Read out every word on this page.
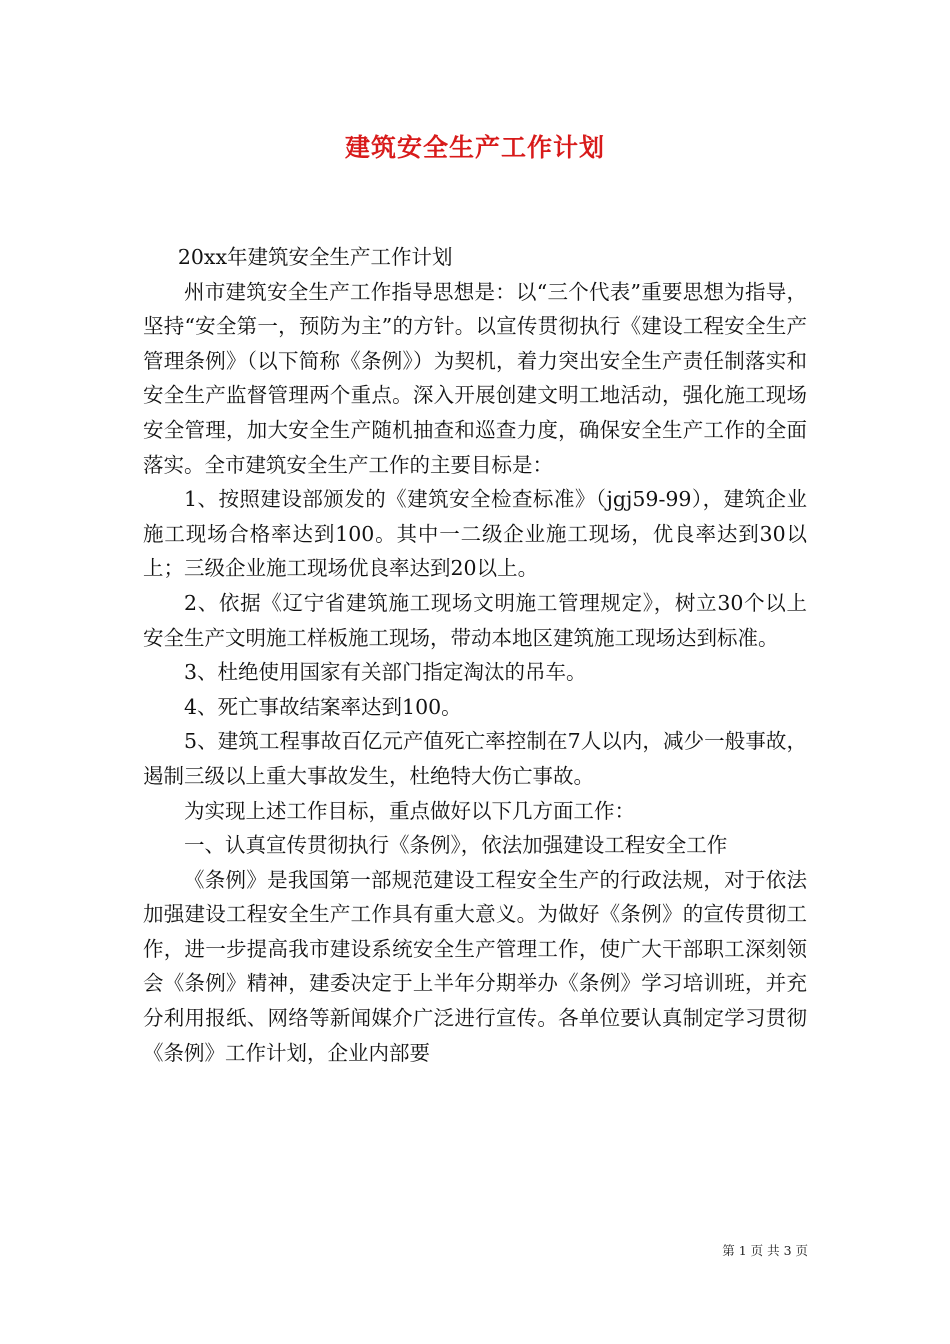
建筑安全生产工作计划

20xx年建筑安全生产工作计划

州市建筑安全生产工作指导思想是：以“三个代表”重要思想为指导，坚持“安全第一，预防为主”的方针。以宣传贯彻执行《建设工程安全生产管理条例》（以下简称《条例》）为契机，着力突出安全生产责任制落实和安全生产监督管理两个重点。深入开展创建文明工地活动，强化施工现场安全管理，加大安全生产随机抽查和巡查力度，确保安全生产工作的全面落实。全市建筑安全生产工作的主要目标是：

1、按照建设部颁发的《建筑安全检查标准》（jgj59-99），建筑企业施工现场合格率达到100。其中一二级企业施工现场，优良率达到30以上；三级企业施工现场优良率达到20以上。

2、依据《辽宁省建筑施工现场文明施工管理规定》，树立30个以上安全生产文明施工样板施工现场，带动本地区建筑施工现场达到标准。

3、杜绝使用国家有关部门指定淘汰的吊车。

4、死亡事故结案率达到100。

5、建筑工程事故百亿元产值死亡率控制在7人以内，减少一般事故，遏制三级以上重大事故发生，杜绝特大伤亡事故。

为实现上述工作目标，重点做好以下几方面工作：

一、认真宣传贯彻执行《条例》，依法加强建设工程安全工作

《条例》是我国第一部规范建设工程安全生产的行政法规，对于依法加强建设工程安全生产工作具有重大意义。为做好《条例》的宣传贯彻工作，进一步提高我市建设系统安全生产管理工作，使广大干部职工深刻领会《条例》精神，建委决定于上半年分期举办《条例》学习培训班，并充分利用报纸、网络等新闻媒介广泛进行宣传。各单位要认真制定学习贯彻《条例》工作计划，企业内部要

第 1 页 共 3 页
